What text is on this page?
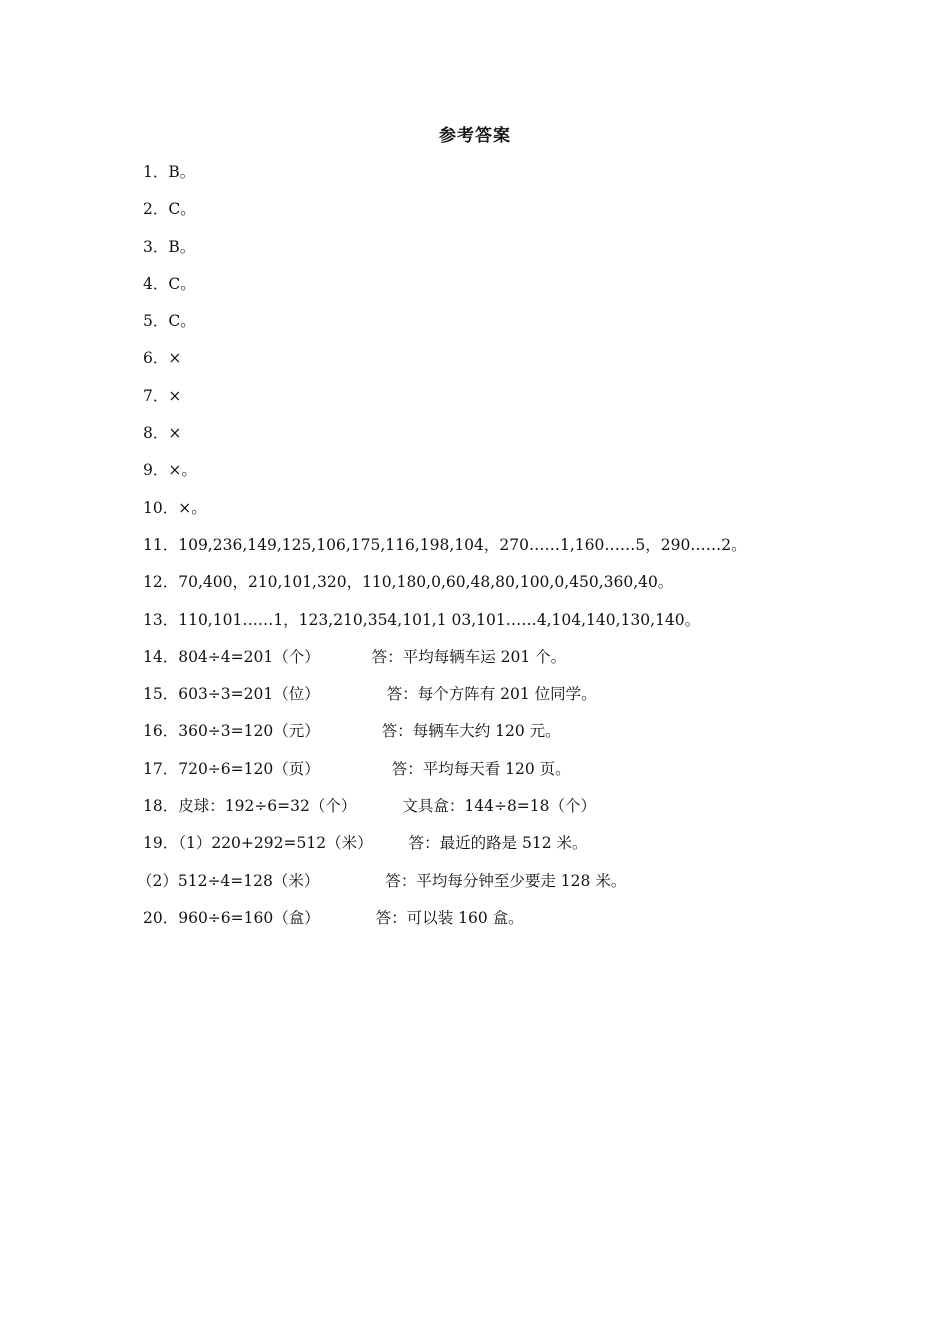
参考答案
1．B。
2．C。
3．B。
4．C。
5．C。
6．×
7．×
8．×
9．×。
10．×。
11．109,236,149,125,106,175,116,198,104，270……1,160……5，290……2。
12．70,400，210,101,320，110,180,0,60,48,80,100,0,450,360,40。
13．110,101……1，123,210,354,101,1 03,101……4,104,140,130,140。
14．804÷4=201（个）	答：平均每辆车运 201 个。
15．603÷3=201（位）	答：每个方阵有 201 位同学。
16．360÷3=120（元）	答：每辆车大约 120 元。
17．720÷6=120（页）	答：平均每天看 120 页。
18．皮球：192÷6=32（个）	文具盒：144÷8=18（个）
19．（1）220+292=512（米） 答：最近的路是 512 米。
（2）512÷4=128（米）	答：平均每分钟至少要走 128 米。
20．960÷6=160（盒）	答：可以装 160 盒。
